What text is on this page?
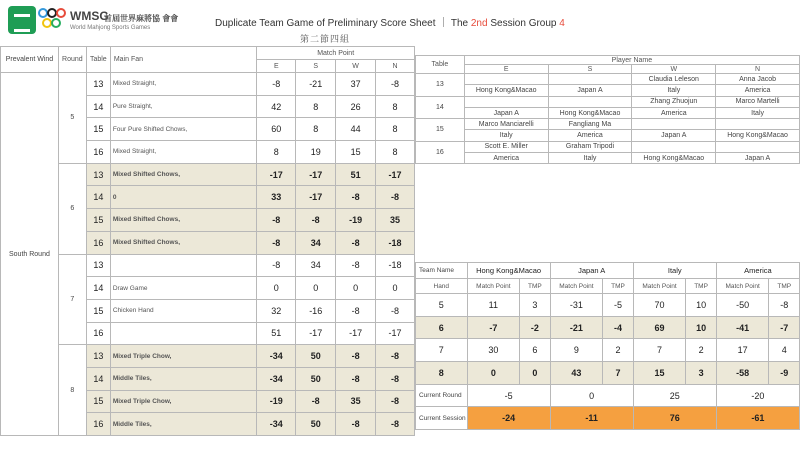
WMSG
首屆世界麻將協 會會
World Mahjong Sports Games	Duplicate Team Game of Preliminary Score Sheet ｜ The 2nd Session Group 4
第二節四組
Prevalent Wind	Round	Table	Main Fan	Match Point			
				E	S	W	N
South Round	5	13	Mixed Straight,	-8	-21	37	-8
		14	Pure Straight,	42	8	26	8
		15	Four Pure Shifted Chows,	60	8	44	8
		16	Mixed Straight,	8	19	15	8
	6	13	Mixed Shifted Chows,	-17	-17	51	-17
		14	0	33	-17	-8	-8
		15	Mixed Shifted Chows,	-8	-8	-19	35
		16	Mixed Shifted Chows,	-8	34	-8	-18
	7	13		-8	34	-8	-18
		14	Draw Game	0	0	0	0
		15	Chicken Hand	32	-16	-8	-8
		16		51	-17	-17	-17
	8	13	Mixed Triple Chow,	-34	50	-8	-8
		14	Middle Tiles,	-34	50	-8	-8
		15	Mixed Triple Chow,	-19	-8	35	-8
		16	Middle Tiles,	-34	50	-8	-8
Table	Player Name			
	E	S	W	N
13			Claudia Leleson	Anna Jacob
	Hong Kong&Macao	Japan A	Italy	America
14			Zhang Zhuojun	Marco Martelli
	Japan A	Hong Kong&Macao	America	Italy
15	Marco Manciarelli	Fangliang Ma		
	Italy	America	Japan A	Hong Kong&Macao
16	Scott E. Miller	Graham Tripodi		
	America	Italy	Hong Kong&Macao	Japan A
Team Name	Hong Kong&Macao		Japan A		Italy		America	
Hand	Match Point	TMP	Match Point	TMP	Match Point	TMP	Match Point	TMP
5	11	3	-31	-5	70	10	-50	-8
6	-7	-2	-21	-4	69	10	-41	-7
7	30	6	9	2	7	2	17	4
8	0	0	43	7	15	3	-58	-9
Current Round	-5		0		25		-20	
Current Session	-24		-11		76		-61	
